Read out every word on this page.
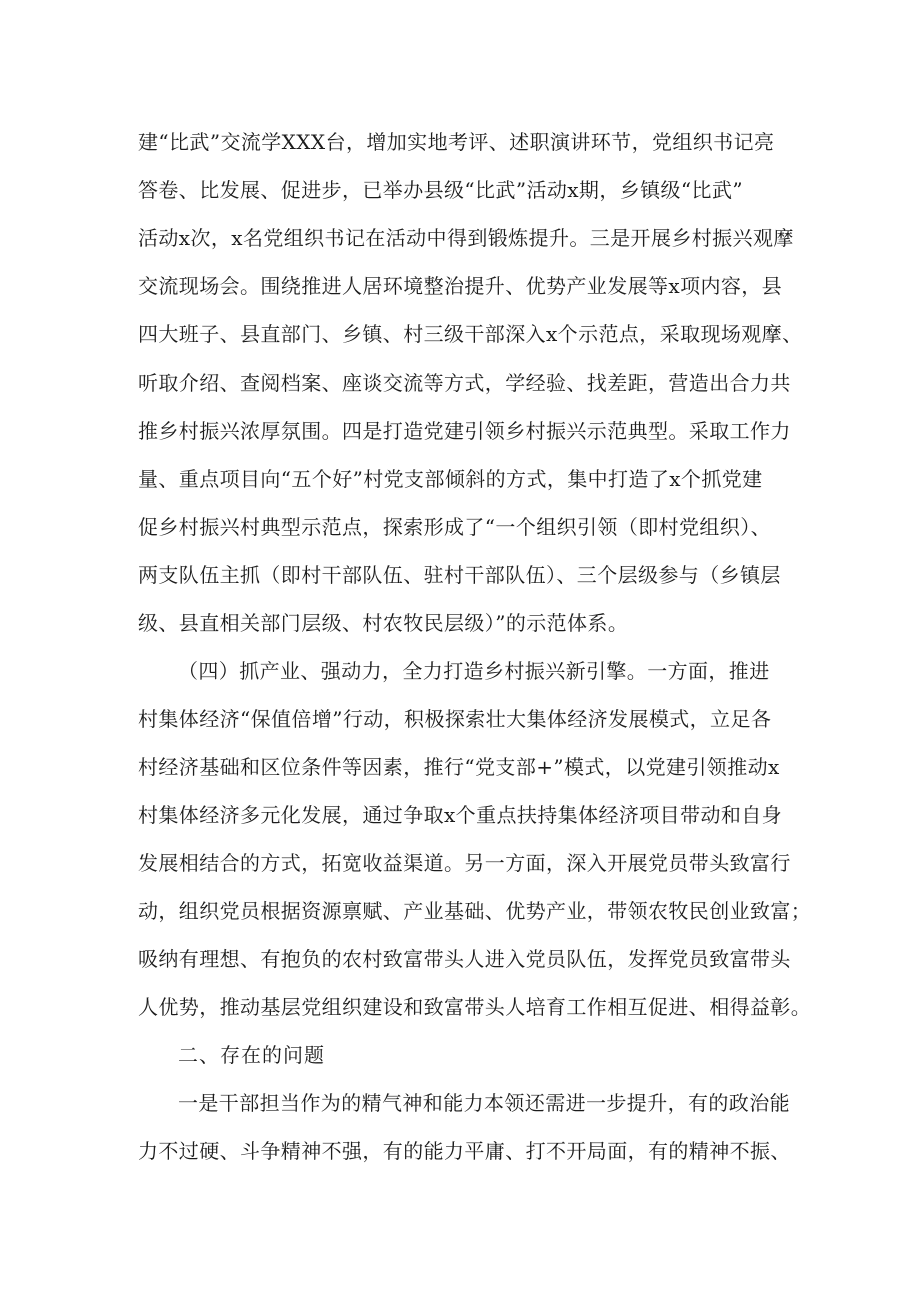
建“比武”交流学XXX台，增加实地考评、述职演讲环节，党组织书记亮
答卷、比发展、促进步，已举办县级“比武”活动x期，乡镇级“比武”
活动x次，x名党组织书记在活动中得到锻炼提升。三是开展乡村振兴观摩
交流现场会。围绕推进人居环境整治提升、优势产业发展等x项内容，县
四大班子、县直部门、乡镇、村三级干部深入x个示范点，采取现场观摩、
听取介绍、查阅档案、座谈交流等方式，学经验、找差距，营造出合力共
推乡村振兴浓厚氛围。四是打造党建引领乡村振兴示范典型。采取工作力
量、重点项目向“五个好”村党支部倾斜的方式，集中打造了x个抓党建
促乡村振兴村典型示范点，探索形成了“一个组织引领（即村党组织）、
两支队伍主抓（即村干部队伍、驻村干部队伍）、三个层级参与（乡镇层
级、县直相关部门层级、村农牧民层级）”的示范体系。
（四）抓产业、强动力，全力打造乡村振兴新引擎。一方面，推进
村集体经济“保值倍增”行动，积极探索壮大集体经济发展模式，立足各
村经济基础和区位条件等因素，推行“党支部+”模式，以党建引领推动x
村集体经济多元化发展，通过争取x个重点扶持集体经济项目带动和自身
发展相结合的方式，拓宽收益渠道。另一方面，深入开展党员带头致富行
动，组织党员根据资源禀赋、产业基础、优势产业，带领农牧民创业致富；
吸纳有理想、有抱负的农村致富带头人进入党员队伍，发挥党员致富带头
人优势，推动基层党组织建设和致富带头人培育工作相互促进、相得益彰。
二、存在的问题
一是干部担当作为的精气神和能力本领还需进一步提升，有的政治能
力不过硬、斗争精神不强，有的能力平庸、打不开局面，有的精神不振、
